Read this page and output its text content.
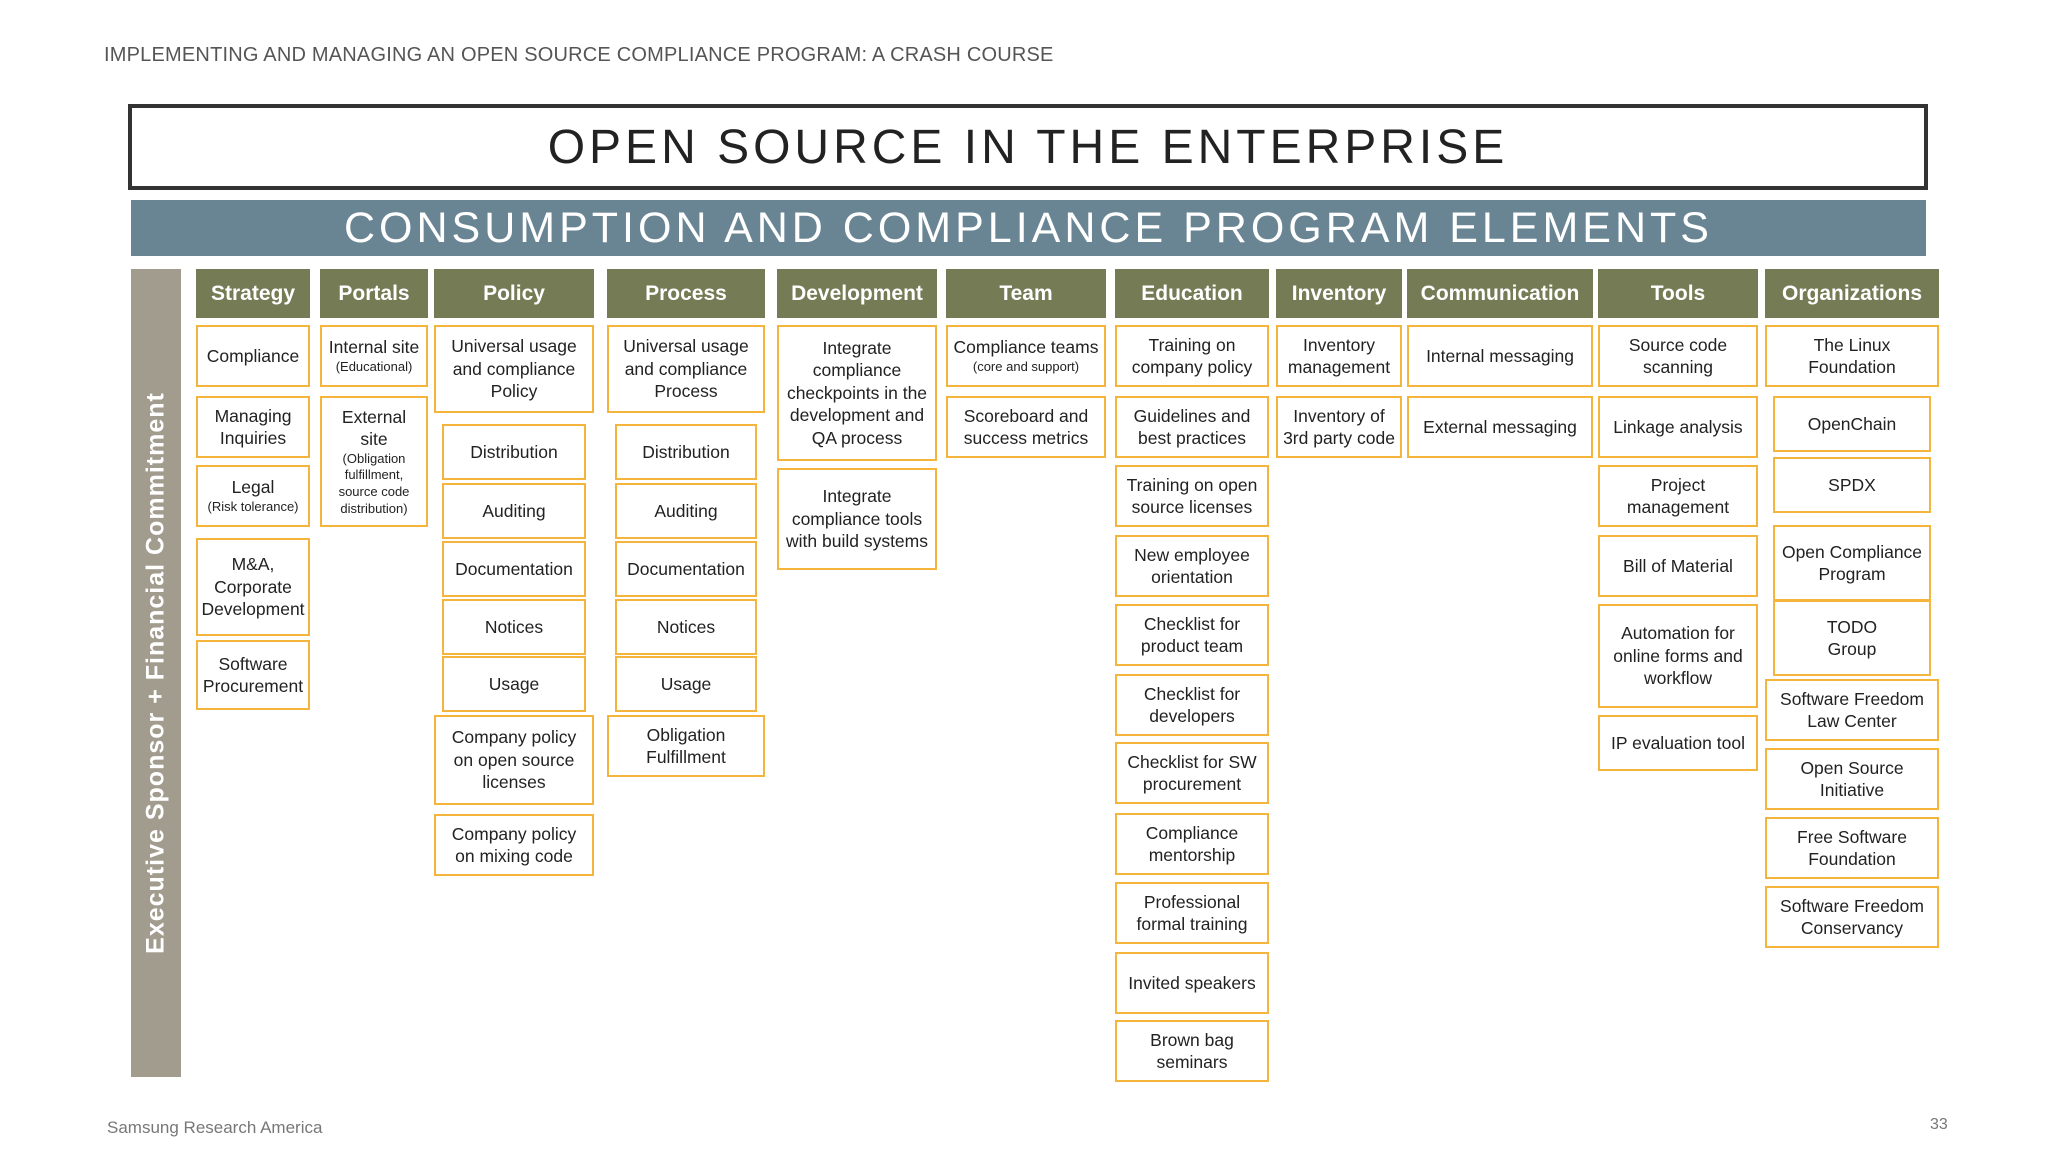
IMPLEMENTING AND MANAGING AN OPEN SOURCE COMPLIANCE PROGRAM: A CRASH COURSE
OPEN SOURCE IN THE ENTERPRISE
CONSUMPTION AND COMPLIANCE PROGRAM ELEMENTS
Executive Sponsor + Financial Commitment
Strategy
Compliance
Managing
Inquiries
Legal
(Risk tolerance)
M&A,
Corporate
Development
Software
Procurement
Portals
Internal site
(Educational)
External site
(Obligation
fulfillment,
source code
distribution)
Policy
Universal usage
and compliance
Policy
Distribution
Auditing
Documentation
Notices
Usage
Company policy
on open source
licenses
Company policy
on mixing code
Process
Universal usage
and compliance
Process
Distribution
Auditing
Documentation
Notices
Usage
Obligation
Fulfillment
Development
Integrate
compliance
checkpoints in the
development and
QA process
Integrate
compliance tools
with build systems
Team
Compliance teams
(core and support)
Scoreboard and
success metrics
Education
Training on
company policy
Guidelines and
best practices
Training on open
source licenses
New employee
orientation
Checklist for
product team
Checklist for
developers
Checklist for SW
procurement
Compliance
mentorship
Professional
formal training
Invited speakers
Brown bag
seminars
Inventory
Inventory
management
Inventory of
3rd party code
Communication
Internal messaging
External messaging
Tools
Source code
scanning
Linkage analysis
Project
management
Bill of Material
Automation for
online forms and
workflow
IP evaluation tool
Organizations
The Linux
Foundation
OpenChain
SPDX
Open Compliance
Program
TODO
Group
Software Freedom
Law Center
Open Source
Initiative
Free Software
Foundation
Software Freedom
Conservancy
Samsung Research America	33
